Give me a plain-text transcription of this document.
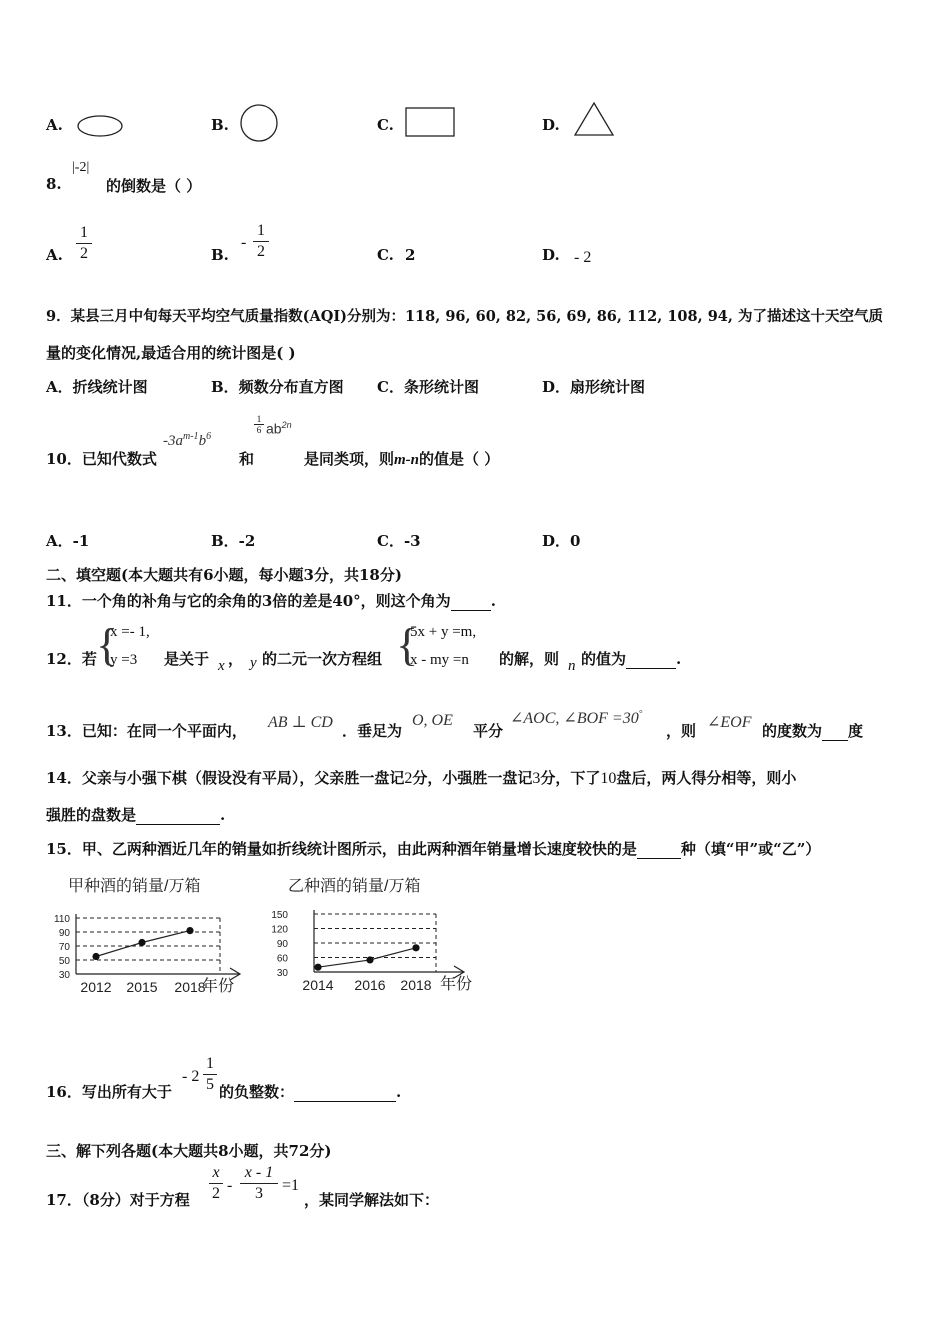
A.	B.	C.	D.
8.
|-2|
的倒数是（ ）
A.
1
2	B.
-
1
2	C. 2	D. - 2
9．某县三月中旬每天平均空气质量指数(AQI)分别为：118, 96, 60, 82, 56, 69, 86, 112, 108, 94, 为了描述这十天空气质
量的变化情况,最适合用的统计图是( )
A．折线统计图	B．频数分布直方图 C．条形统计图	D．扇形统计图
10．已知代数式
$-3a^{m-1}b^6$
和
1
6 $ab^{2n}$
是同类项，则m-n的值是（ ）
A．-1	B．-2	C．-3	D．0
二、填空题(本大题共有6小题，每小题3分，共18分)
11．一个角的补角与它的余角的3倍的差是40°，则这个角为	.
12．若 {
x =- 1,
y =3 是关于 x ， y 的二元一次方程组 {
5x + y =m,
x - my =n 的解，则 n 的值为	.
13．已知：在同一个平面内， AB ⊥ CD ．垂足为
O, OE
平分
∠AOC, ∠BOF =30°
，则 ∠EOF 的度数为 度
14．父亲与小强下棋（假设没有平局），父亲胜一盘记2分，小强胜一盘记3分，下了10盘后，两人得分相等，则小
强胜的盘数是	.
15．甲、乙两种酒近几年的销量如折线统计图所示，由此两种酒年销量增长速度较快的是	种（填“甲”或“乙”）
甲种酒的销量/万箱
30
50
70
90
110
2012 2015 2018
年份
乙种酒的销量/万箱
30
60
90
120
150
2014 2016 2018 年份
16．写出所有大于
- 2
1
5 的负整数：	.
三、解下列各题(本大题共8小题，共72分)
17．（8分）对于方程
x
2 -
x - 1
3	=1
，某同学解法如下：
